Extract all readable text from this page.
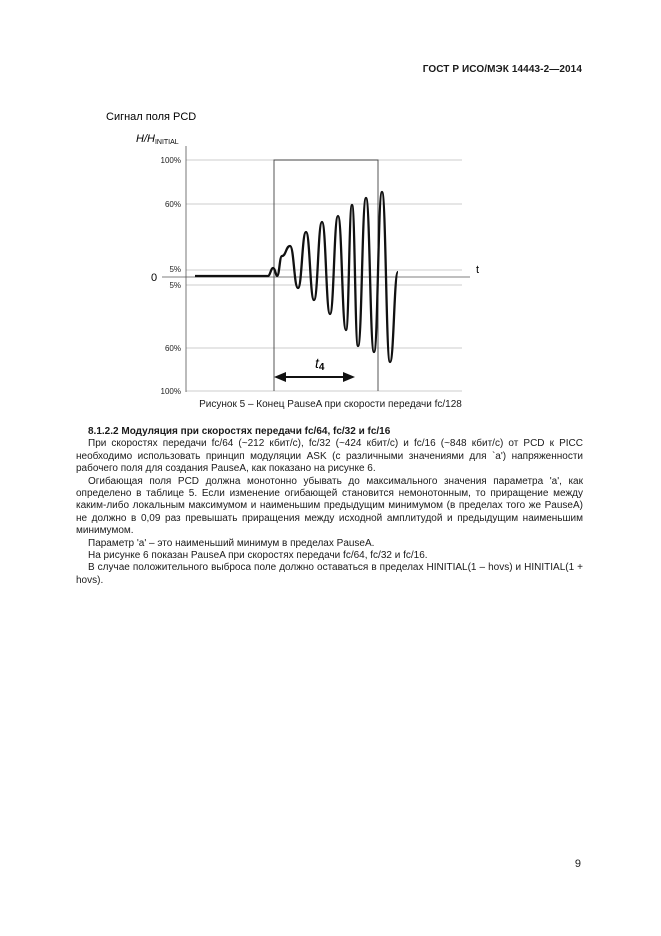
ГОСТ Р ИСО/МЭК 14443-2—2014
Сигнал поля PCD
H/HINITIAL
100%
60%
5%
5%
60%
100%
0
t
t4
Рисунок 5 – Конец PauseA при скорости передачи fc/128

8.1.2.2 Модуляция при скоростях передачи fc/64, fc/32 и fc/16

При скоростях передачи fc/64 (~212 кбит/с), fc/32 (~424 кбит/с) и fc/16 (~848 кбит/с) от PCD к PICC необходимо использовать принцип модуляции ASK (с различными значениями для `a') напряженности рабочего поля для создания PauseA, как показано на рисунке 6.

Огибающая поля PCD должна монотонно убывать до максимального значения параметра 'a', как определено в таблице 5. Если изменение огибающей становится немонотонным, то приращение между каким-либо локальным максимумом и наименьшим предыдущим минимумом (в пределах того же PauseA) не должно в 0,09 раз превышать приращения между исходной амплитудой и предыдущим наименьшим минимумом.

Параметр 'a' – это наименьший минимум в пределах PauseA.

На рисунке 6 показан PauseA при скоростях передачи fc/64, fc/32 и fc/16.

В случае положительного выброса поле должно оставаться в пределах HINITIAL(1 – hovs) и HINITIAL(1 + hovs).

9
